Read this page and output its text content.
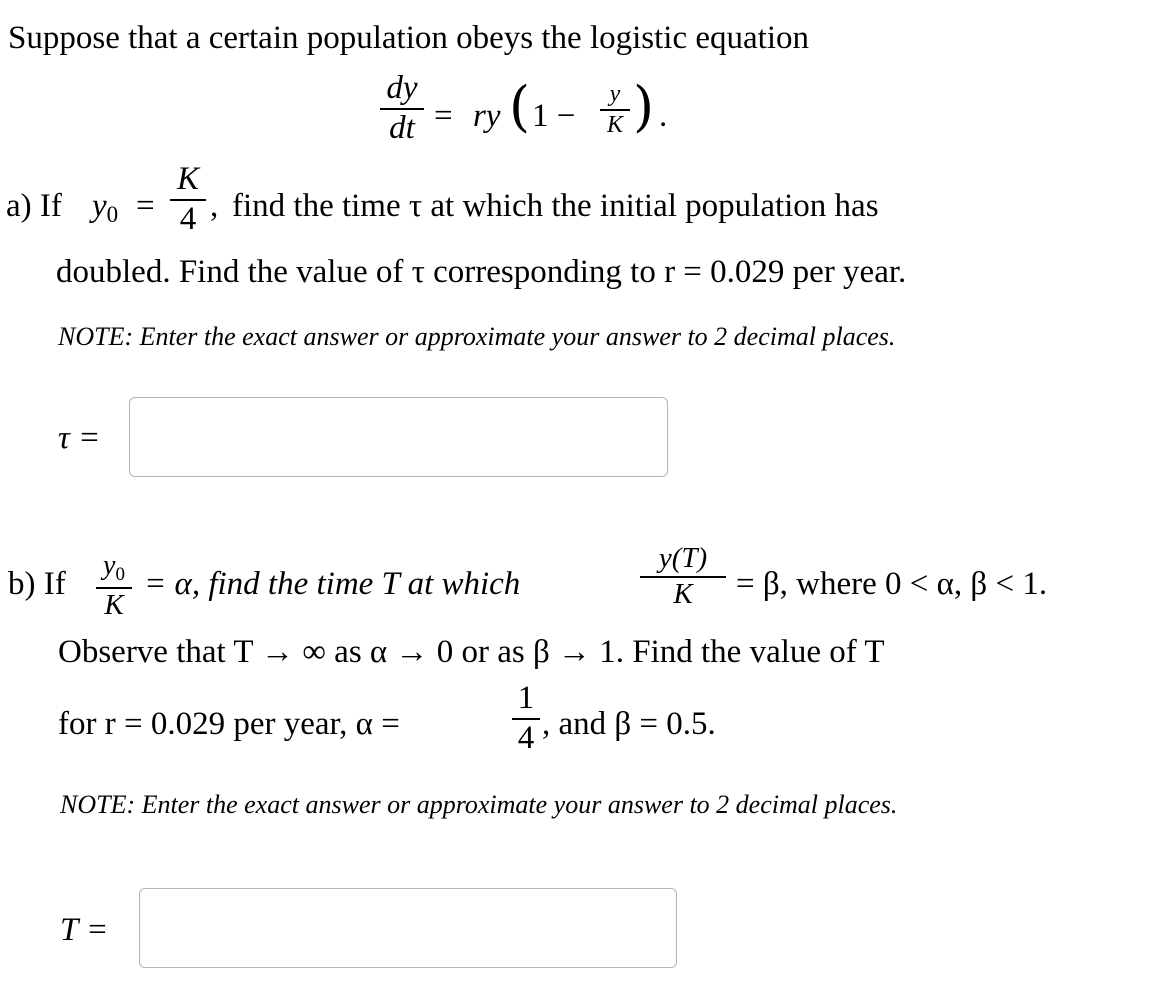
Suppose that a certain population obeys the logistic equation
dy
dt = ry ( 1 −
y
K ) .
a) If $y_0$ =
K
4 , find the time τ at which the initial population has
doubled. Find the value of τ corresponding to r = 0.029 per year.
NOTE: Enter the exact answer or approximate your answer to 2 decimal places.
τ =
b) If
$y_0$
K
= α, find the time T at which
y(T)
K = β, where 0 < α, β < 1.
Observe that T → ∞ as α → 0 or as β → 1. Find the value of T
for r = 0.029 per year, α =
1
4 , and β = 0.5.
NOTE: Enter the exact answer or approximate your answer to 2 decimal places.
T =
